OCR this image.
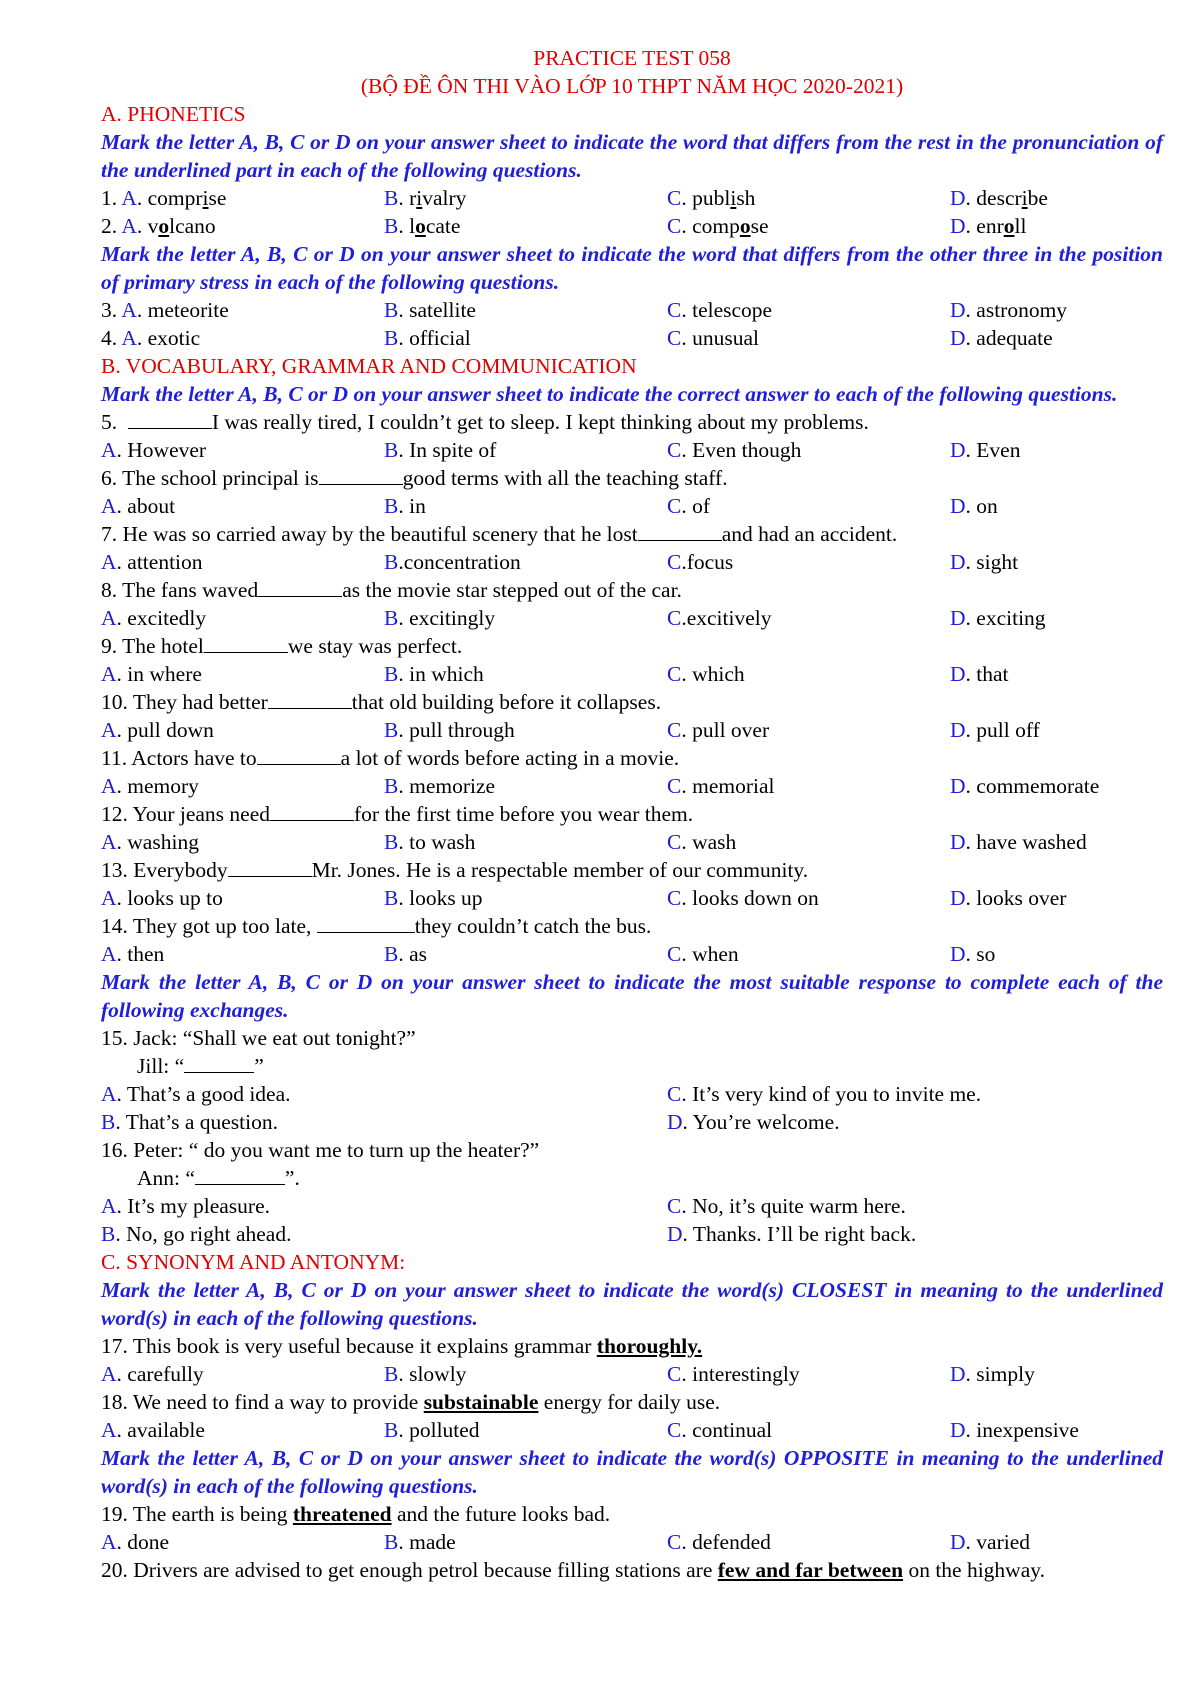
PRACTICE TEST 058
(BỘ ĐỀ ÔN THI VÀO LỚP 10 THPT NĂM HỌC 2020-2021)
A. PHONETICS
Mark the letter A, B, C or D on your answer sheet to indicate the word that differs from the rest in the pronunciation of the underlined part in each of the following questions.
1. A. comprise	B. rivalry	C. publish	D. describe
2. A. volcano	B. locate	C. compose	D. enroll
Mark the letter A, B, C or D on your answer sheet to indicate the word that differs from the other three in the position of primary stress in each of the following questions.
3. A. meteorite	B. satellite	C. telescope	D. astronomy
4. A. exotic	B. official	C. unusual	D. adequate
B. VOCABULARY, GRAMMAR AND COMMUNICATION
Mark the letter A, B, C or D on your answer sheet to indicate the correct answer to each of the following questions.
5.	I was really tired, I couldn’t get to sleep. I kept thinking about my problems.
A. However	B. In spite of	C. Even though	D. Even
6. The school principal is	good terms with all the teaching staff.
A. about	B. in	C. of	D. on
7. He was so carried away by the beautiful scenery that he lost	and had an accident.
A. attention	B.concentration	C.focus	D. sight
8. The fans waved	as the movie star stepped out of the car.
A. excitedly	B. excitingly	C.excitively	D. exciting
9. The hotel	we stay was perfect.
A. in where	B. in which	C. which	D. that
10. They had better	that old building before it collapses.
A. pull down	B. pull through	C. pull over	D. pull off
11. Actors have to	a lot of words before acting in a movie.
A. memory	B. memorize	C. memorial	D. commemorate
12. Your jeans need	for the first time before you wear them.
A. washing	B. to wash	C. wash	D. have washed
13. Everybody	Mr. Jones. He is a respectable member of our community.
A. looks up to	B. looks up	C. looks down on	D. looks over
14. They got up too late,	they couldn’t catch the bus.
A. then	B. as	C. when	D. so
Mark the letter A, B, C or D on your answer sheet to indicate the most suitable response to complete each of the following exchanges.
15. Jack: “Shall we eat out tonight?”
Jill: “	”
A. That’s a good idea.	C. It’s very kind of you to invite me.
B. That’s a question.	D. You’re welcome.
16. Peter: “ do you want me to turn up the heater?”
Ann: “	”.
A. It’s my pleasure.	C. No, it’s quite warm here.
B. No, go right ahead.	D. Thanks. I’ll be right back.
C. SYNONYM AND ANTONYM:
Mark the letter A, B, C or D on your answer sheet to indicate the word(s) CLOSEST in meaning to the underlined word(s) in each of the following questions.
17. This book is very useful because it explains grammar thoroughly.
A. carefully	B. slowly	C. interestingly	D. simply
18. We need to find a way to provide substainable energy for daily use.
A. available	B. polluted	C. continual	D. inexpensive
Mark the letter A, B, C or D on your answer sheet to indicate the word(s) OPPOSITE in meaning to the underlined word(s) in each of the following questions.
19. The earth is being threatened and the future looks bad.
A. done	B. made	C. defended	D. varied
20. Drivers are advised to get enough petrol because filling stations are few and far between on the highway.
